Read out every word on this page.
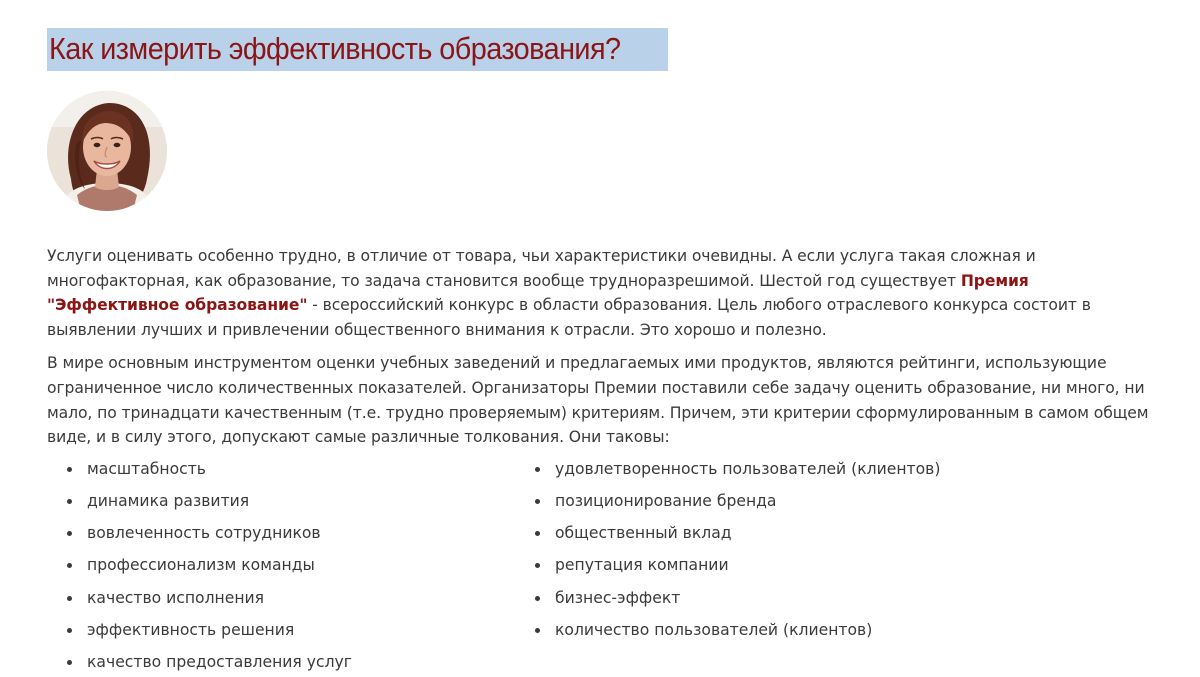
Как измерить эффективность образования?

Услуги оценивать особенно трудно, в отличие от товара, чьи характеристики очевидны. А если услуга такая сложная и многофакторная, как образование, то задача становится вообще трудноразрешимой. Шестой год существует Премия "Эффективное образование" - всероссийский конкурс в области образования. Цель любого отраслевого конкурса состоит в выявлении лучших и привлечении общественного внимания к отрасли. Это хорошо и полезно.

В мире основным инструментом оценки учебных заведений и предлагаемых ими продуктов, являются рейтинги, использующие ограниченное число количественных показателей. Организаторы Премии поставили себе задачу оценить образование, ни много, ни мало, по тринадцати качественным (т.е. трудно проверяемым) критериям. Причем, эти критерии сформулированным в самом общем виде, и в силу этого, допускают самые различные толкования. Они таковы:

масштабность
динамика развития
вовлеченность сотрудников
профессионализм команды
качество исполнения
эффективность решения
качество предоставления услуг
удовлетворенность пользователей (клиентов)
позиционирование бренда
общественный вклад
репутация компании
бизнес-эффект
количество пользователей (клиентов)
